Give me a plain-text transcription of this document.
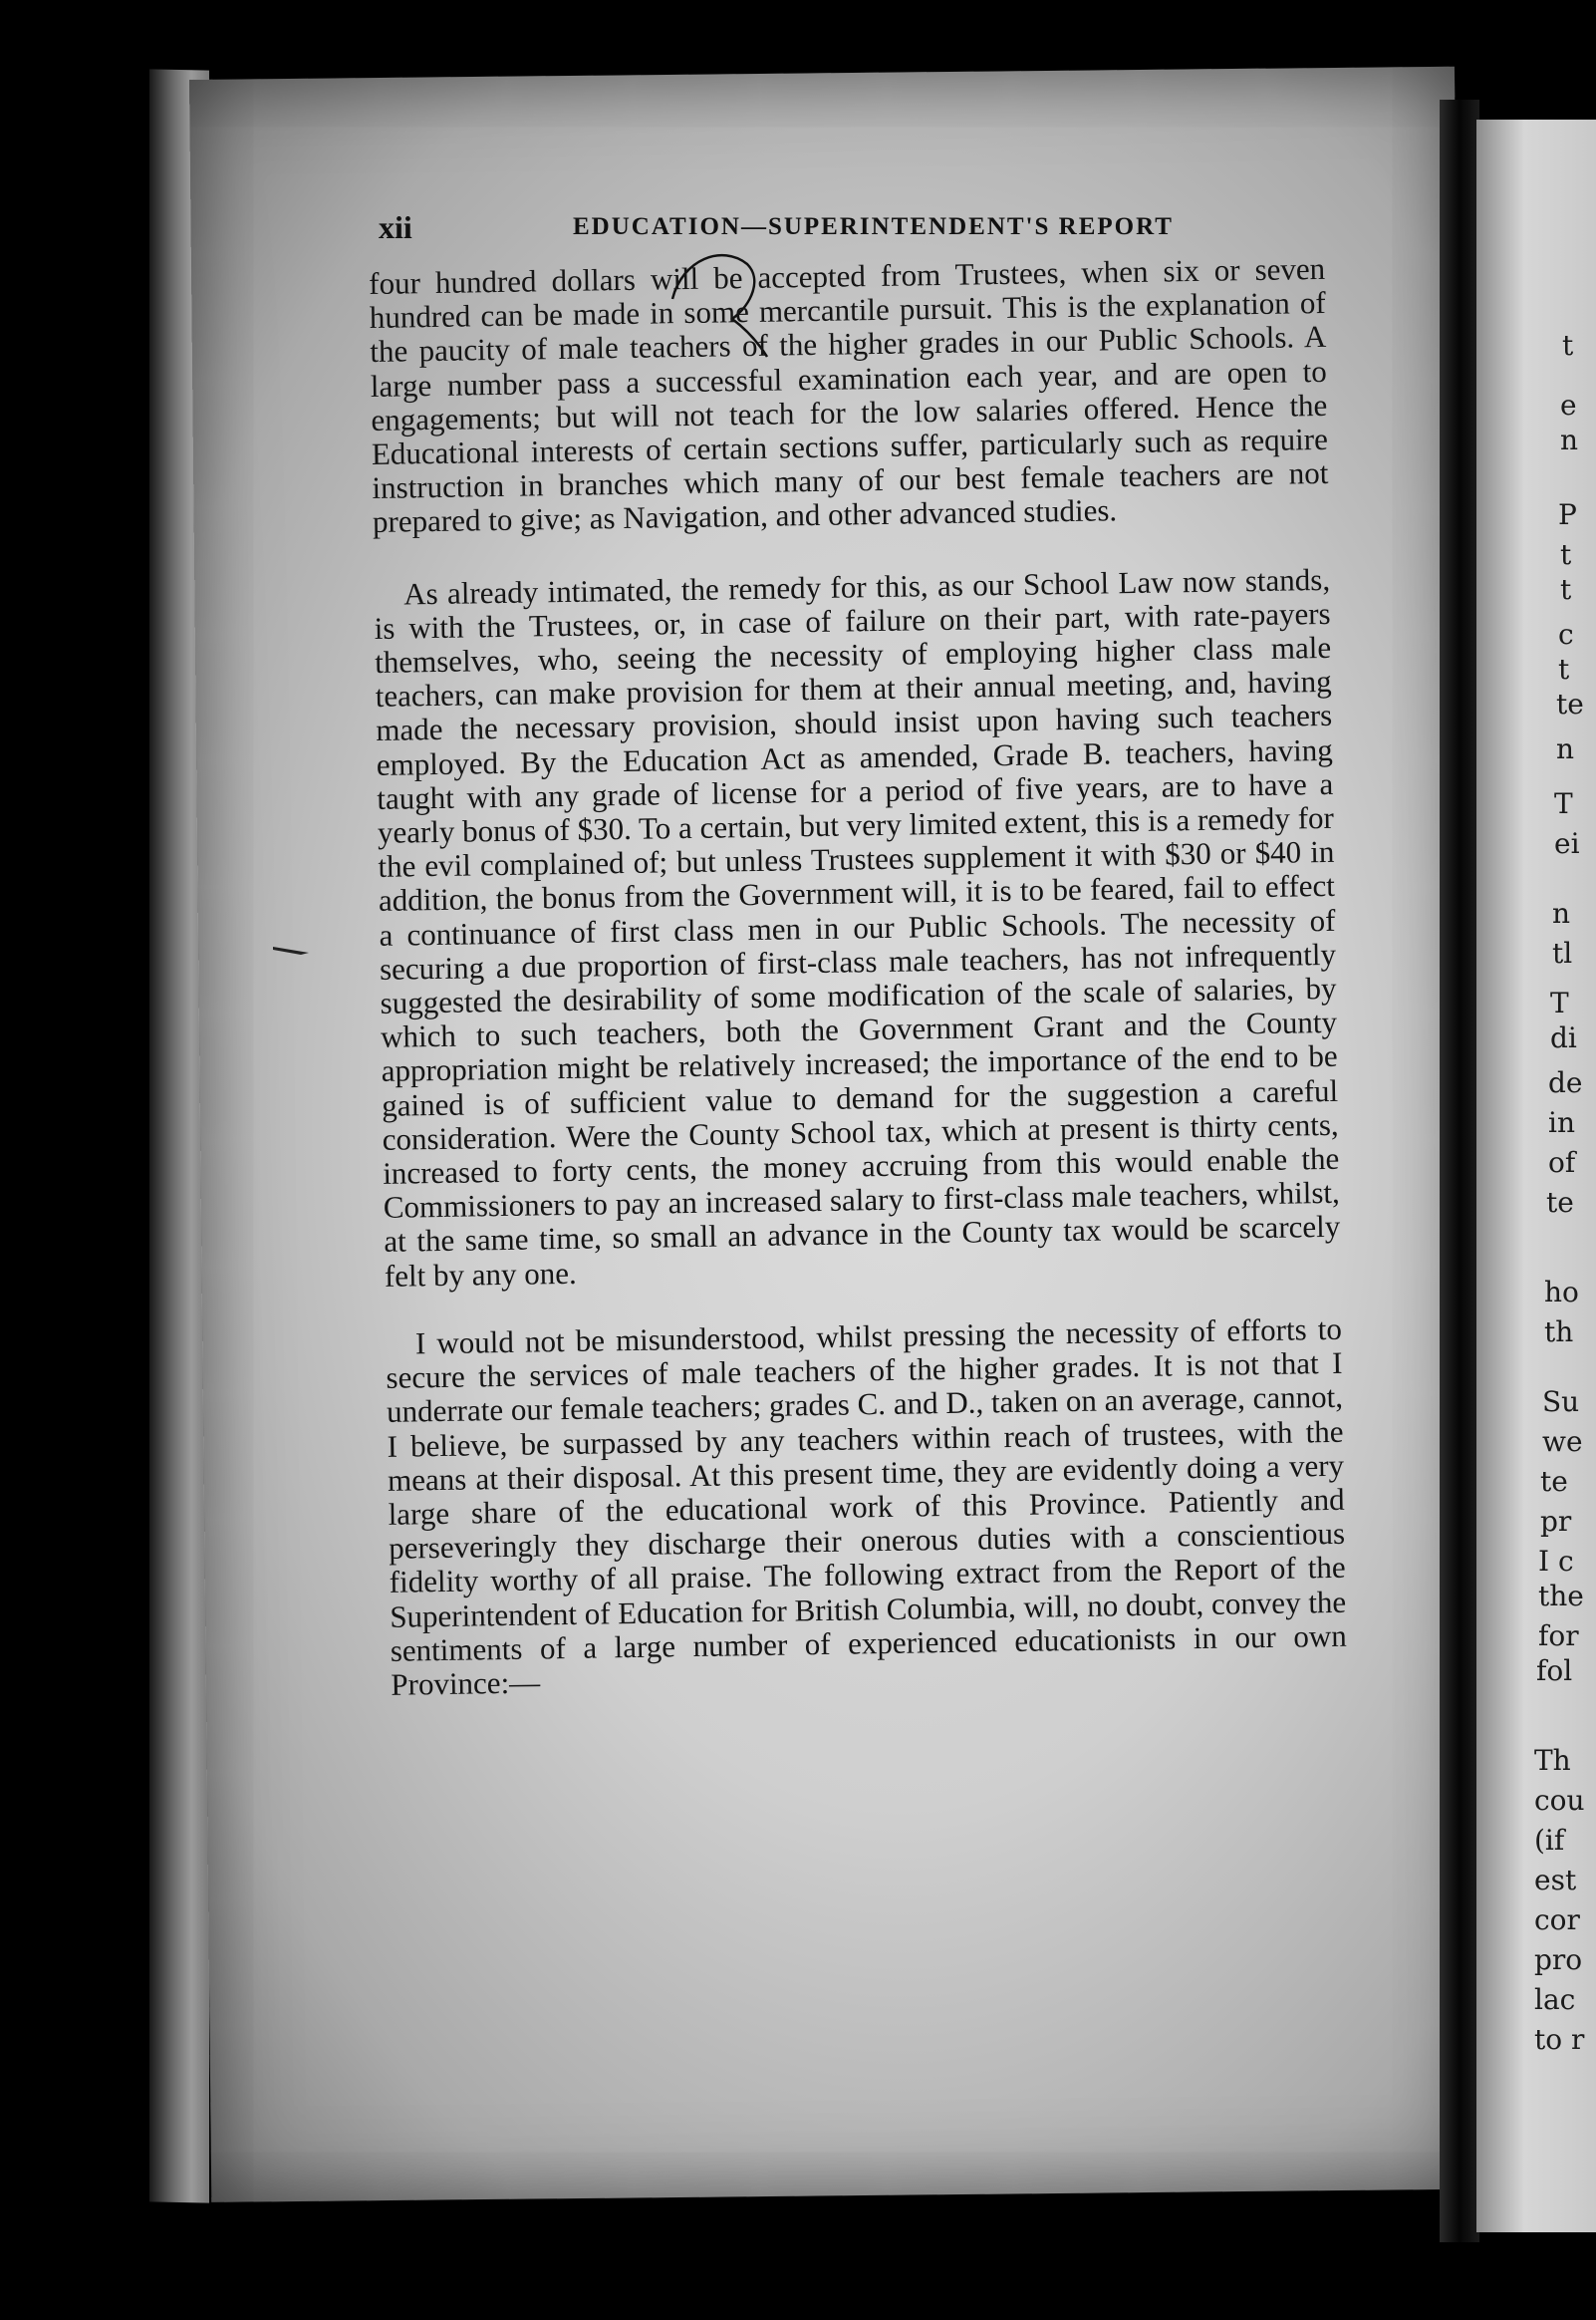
t
e
n
P
t
t
c
t
te
n
T
ei
n
tl
T
di
de
in
of
te
ho
th
Su
we
te
pr
I c
the
for
fol
Th
cou
(if
est
cor
pro
lac
to r
xii	EDUCATION—SUPERINTENDENT'S REPORT

four hundred dollars will be accepted from Trustees, when six or seven hundred can be made in some mercantile pursuit. This is the explanation of the paucity of male teachers of the higher grades in our Public Schools. A large number pass a successful examination each year, and are open to engagements; but will not teach for the low salaries offered. Hence the Educational interests of certain sections suffer, particularly such as require instruction in branches which many of our best female teachers are not prepared to give; as Navigation, and other advanced studies.

As already intimated, the remedy for this, as our School Law now stands, is with the Trustees, or, in case of failure on their part, with rate-payers themselves, who, seeing the necessity of employing higher class male teachers, can make provision for them at their annual meeting, and, having made the necessary provision, should insist upon having such teachers employed. By the Education Act as amended, Grade B. teachers, having taught with any grade of license for a period of five years, are to have a yearly bonus of $30. To a certain, but very limited extent, this is a remedy for the evil complained of; but unless Trustees supplement it with $30 or $40 in addition, the bonus from the Government will, it is to be feared, fail to effect a continuance of first class men in our Public Schools. The necessity of securing a due proportion of first-class male teachers, has not infrequently suggested the desirability of some modification of the scale of salaries, by which to such teachers, both the Government Grant and the County appropriation might be relatively increased; the importance of the end to be gained is of sufficient value to demand for the suggestion a careful consideration. Were the County School tax, which at present is thirty cents, increased to forty cents, the money accruing from this would enable the Commissioners to pay an increased salary to first-class male teachers, whilst, at the same time, so small an advance in the County tax would be scarcely felt by any one.

I would not be misunderstood, whilst pressing the necessity of efforts to secure the services of male teachers of the higher grades. It is not that I underrate our female teachers; grades C. and D., taken on an average, cannot, I believe, be surpassed by any teachers within reach of trustees, with the means at their disposal. At this present time, they are evidently doing a very large share of the educational work of this Province. Patiently and perseveringly they discharge their onerous duties with a conscientious fidelity worthy of all praise. The following extract from the Report of the Superintendent of Education for British Columbia, will, no doubt, convey the sentiments of a large number of experienced educationists in our own Province:—
